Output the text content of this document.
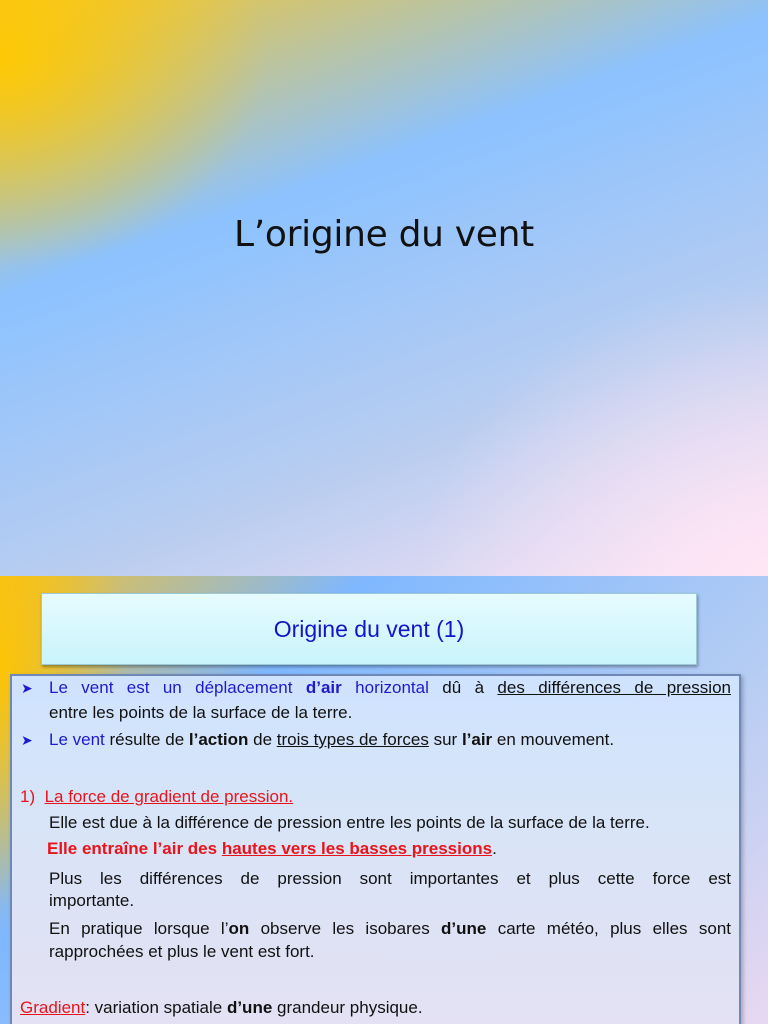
L’origine du vent
Origine du vent (1)
➤ Le vent est un déplacement d’air horizontal dû à des différences de pression
entre les points de la surface de la terre.
➤ Le vent résulte de l’action de trois types de forces sur l’air en mouvement.
1) La force de gradient de pression.
Elle est due à la différence de pression entre les points de la surface de la terre.
Elle entraîne l’air des hautes vers les basses pressions.
Plus les différences de pression sont importantes et plus cette force est
importante.
En pratique lorsque l’on observe les isobares d’une carte météo, plus elles sont
rapprochées et plus le vent est fort.
Gradient: variation spatiale d’une grandeur physique.
